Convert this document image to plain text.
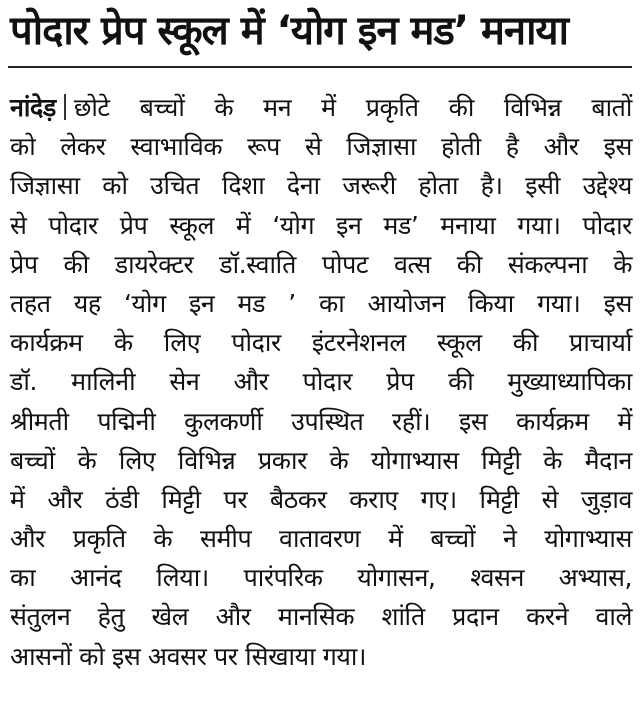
पोदार प्रेप स्कूल में ‘योग इन मड’ मनाया
नांदेड़ छोटे बच्चों के मन में प्रकृति की विभिन्न बातों
को लेकर स्वाभाविक रूप से जिज्ञासा होती है और इस
जिज्ञासा को उचित दिशा देना जरूरी होता है। इसी उद्देश्य
से पोदार प्रेप स्कूल में ‘योग इन मड’ मनाया गया। पोदार
प्रेप की डायरेक्टर डॉ.स्वाति पोपट वत्स की संकल्पना के
तहत यह ‘योग इन मड ’ का आयोजन किया गया। इस
कार्यक्रम के लिए पोदार इंटरनेशनल स्कूल की प्राचार्या
डॉ. मालिनी सेन और पोदार प्रेप की मुख्याध्यापिका
श्रीमती पद्मिनी कुलकर्णी उपस्थित रहीं। इस कार्यक्रम में
बच्चों के लिए विभिन्न प्रकार के योगाभ्यास मिट्टी के मैदान
में और ठंडी मिट्टी पर बैठकर कराए गए। मिट्टी से जुड़ाव
और प्रकृति के समीप वातावरण में बच्चों ने योगाभ्यास
का आनंद लिया। पारंपरिक योगासन, श्वसन अभ्यास,
संतुलन हेतु खेल और मानसिक शांति प्रदान करने वाले
आसनों को इस अवसर पर सिखाया गया।
